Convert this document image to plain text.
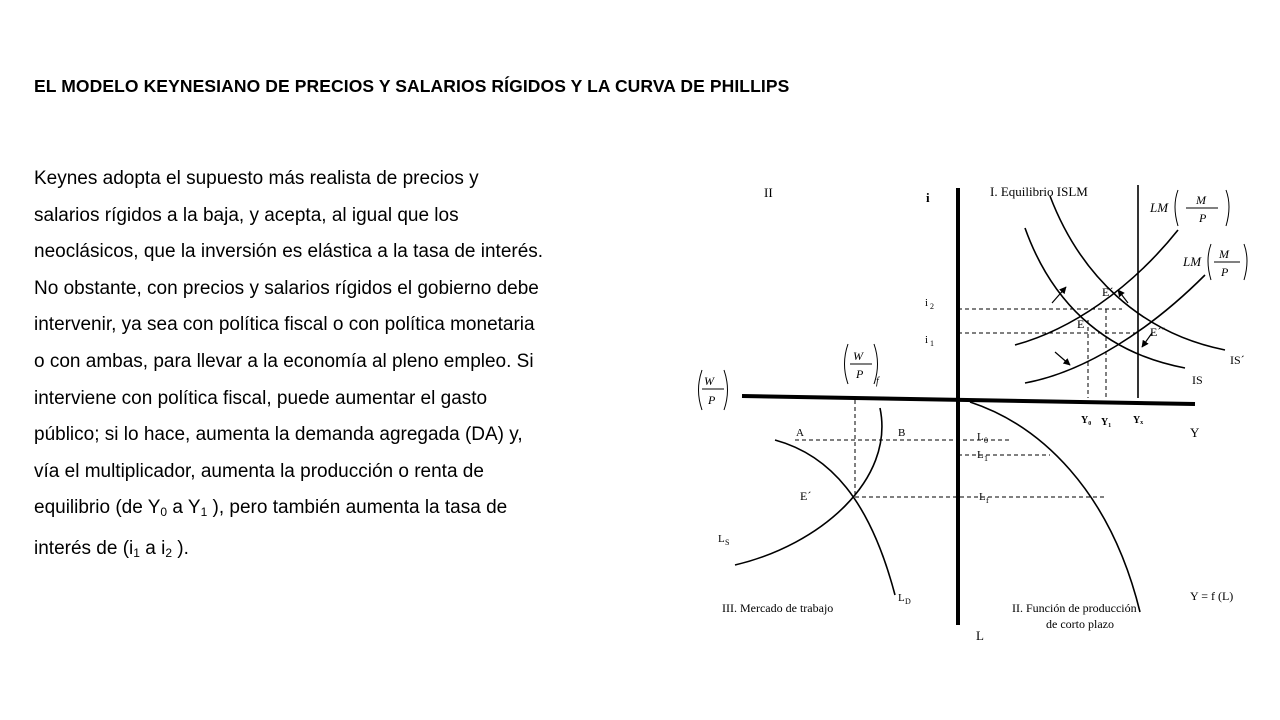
EL MODELO KEYNESIANO DE PRECIOS Y SALARIOS RÍGIDOS Y LA CURVA DE PHILLIPS

Keynes adopta el supuesto más realista de precios y

salarios rígidos a la baja, y acepta, al igual que los

neoclásicos, que la inversión es elástica a la tasa de interés.

No obstante, con precios y salarios rígidos el gobierno debe

intervenir, ya sea con política fiscal o con política monetaria

o con ambas, para llevar a la economía al pleno empleo. Si

interviene con política fiscal, puede aumentar el gasto

público; si lo hace, aumenta la demanda agregada (DA) y,

vía el multiplicador, aumenta la producción o renta de

equilibrio (de $Y_0$ a $Y_1$ ), pero también aumenta la tasa de

interés de ($i_1$ a $i_2$ ).

II	i	I. Equilibrio ISLM
LM M
P
LM M
P
i 2
i 1
E´
E
E´´
IS´
IS
W
P
f
W
P
Y₀ Y₁ Yₓ
Y
A	B	L 0
L 1
L f
E´
L S
L D
III. Mercado de trabajo	II. Función de producción
de corto plazo
Y = f (L)
L
